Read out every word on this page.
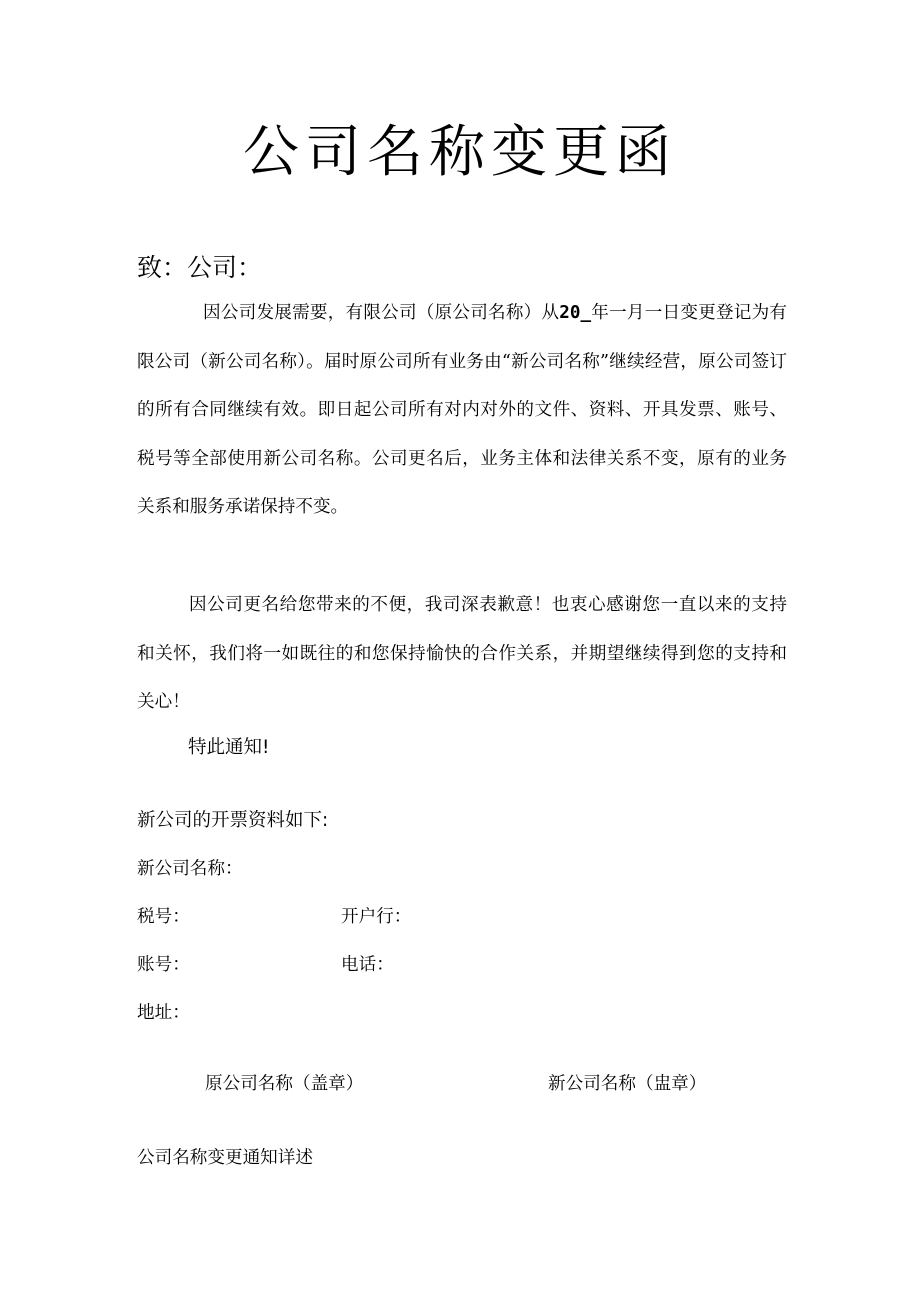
公司名称变更函
致：公司：

因公司发展需要，有限公司（原公司名称）从20_年一月一日变更登记为有限公司（新公司名称）。届时原公司所有业务由“新公司名称”继续经营，原公司签订的所有合同继续有效。即日起公司所有对内对外的文件、资料、开具发票、账号、税号等全部使用新公司名称。公司更名后，业务主体和法律关系不变，原有的业务关系和服务承诺保持不变。

因公司更名给您带来的不便，我司深表歉意！也衷心感谢您一直以来的支持和关怀，我们将一如既往的和您保持愉快的合作关系，并期望继续得到您的支持和关心！

特此通知!
新公司的开票资料如下:
新公司名称：
税号：	开户行：
账号：	电话：
地址：
原公司名称（盖章）	新公司名称（盅章）
公司名称变更通知详述
